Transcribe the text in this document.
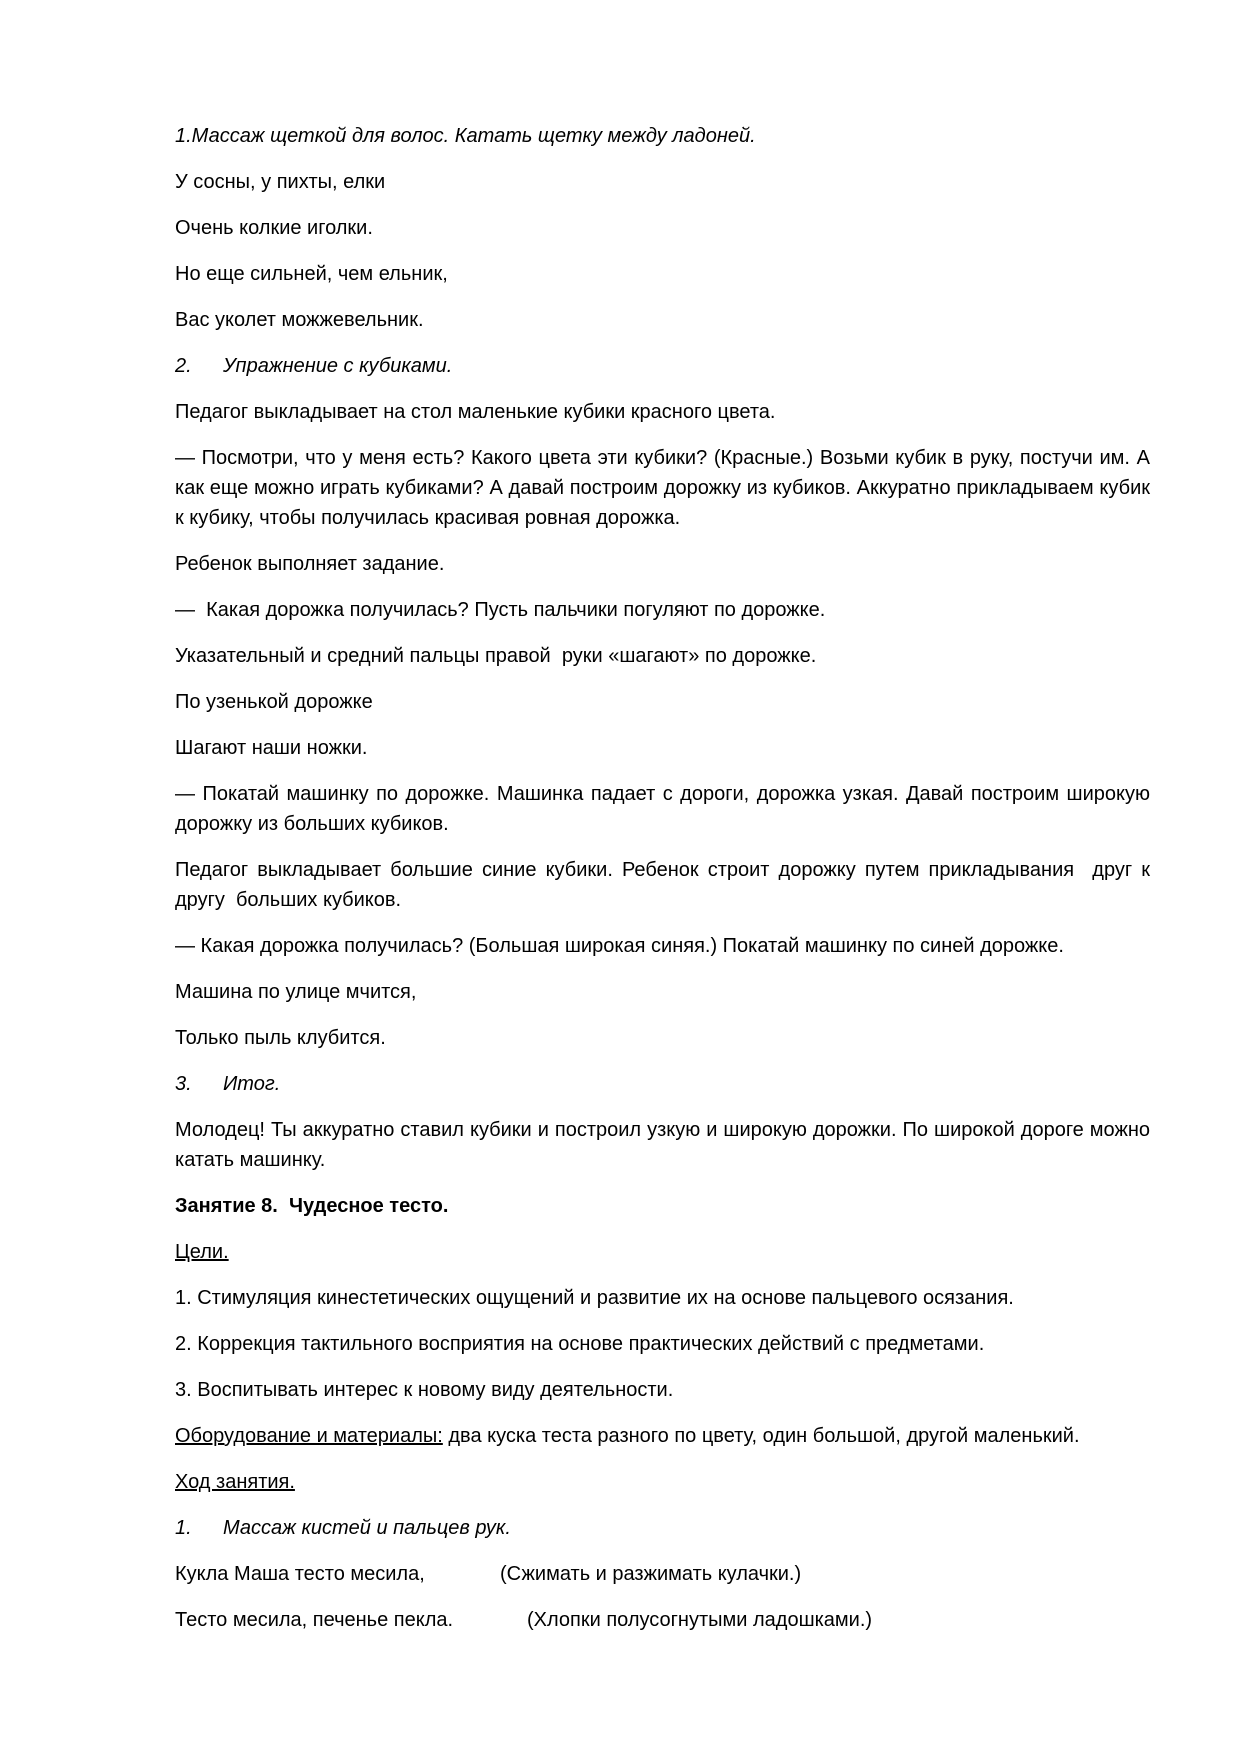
1.Массаж щеткой для волос. Катать щетку между ладоней.

У сосны, у пихты, елки

Очень колкие иголки.

Но еще сильней, чем ельник,

Вас уколет можжевельник.

2. Упражнение с кубиками.

Педагог выкладывает на стол маленькие кубики красного цвета.

— Посмотри, что у меня есть? Какого цвета эти кубики? (Красные.) Возьми кубик в руку, постучи им. А как еще можно играть кубиками? А давай построим дорожку из кубиков. Аккуратно прикладываем кубик к кубику, чтобы получилась красивая ровная дорожка.

Ребенок выполняет задание.

—  Какая дорожка получилась? Пусть пальчики погуляют по дорожке.

Указательный и средний пальцы правой  руки «шагают» по дорожке.

По узенькой дорожке

Шагают наши ножки.

— Покатай машинку по дорожке. Машинка падает с дороги, дорожка узкая. Давай построим широкую дорожку из больших кубиков.

Педагог выкладывает большие синие кубики. Ребенок строит дорожку путем прикладывания  друг к другу  больших кубиков.

— Какая дорожка получилась? (Большая широкая синяя.) Покатай машинку по синей дорожке.

Машина по улице мчится,

Только пыль клубится.

3. Итог.

Молодец! Ты аккуратно ставил кубики и построил узкую и широкую дорожки. По широкой дороге можно катать машинку.

Занятие 8.  Чудесное тесто.

Цели.

1. Стимуляция кинестетических ощущений и развитие их на основе пальцевого осязания.

2. Коррекция тактильного восприятия на основе практических действий с предметами.

3. Воспитывать интерес к новому виду деятельности.

Оборудование и материалы: два куска теста разного по цвету, один большой, другой маленький.

Ход занятия.

1. Массаж кистей и пальцев рук.

Кукла Маша тесто месила,	(Сжимать и разжимать кулачки.)

Тесто месила, печенье пекла.	(Хлопки полусогнутыми ладошками.)
